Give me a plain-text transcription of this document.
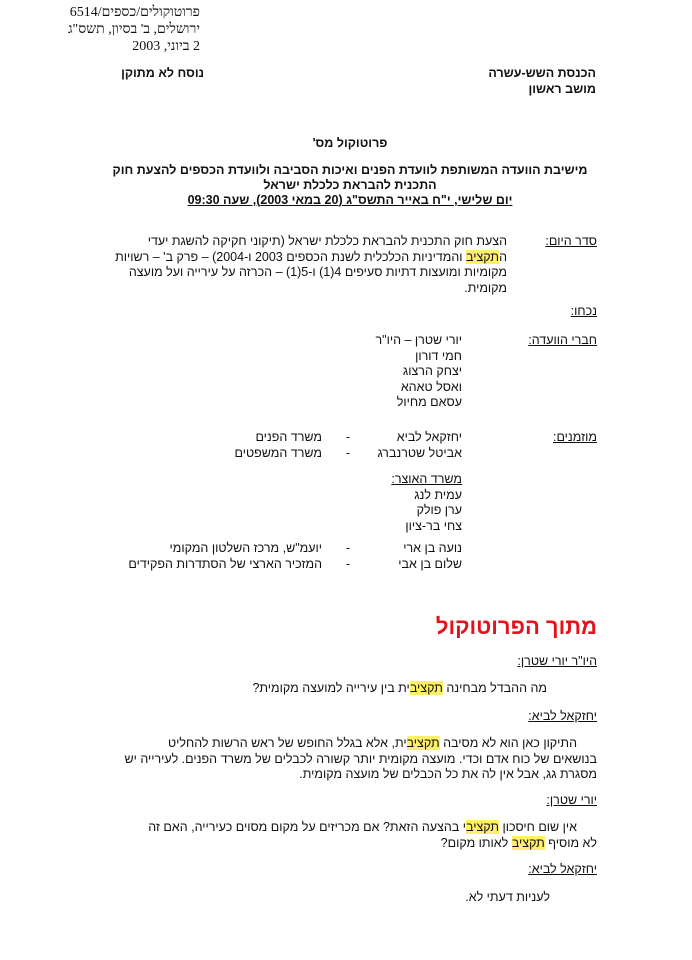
פרוטוקולים/כספים/6514
ירושלים, ב' בסיון, תשס"ג
2 ביוני, 2003
הכנסת השש-עשרה
מושב ראשון
נוסח לא מתוקן
פרוטוקול מס'
מישיבת הוועדה המשותפת לוועדת הפנים ואיכות הסביבה ולוועדת הכספים להצעת חוק
התכנית להבראת כלכלת ישראל
יום שלישי, י"ח באייר התשס"ג (20 במאי 2003), שעה 09:30
סדר היום:
הצעת חוק התכנית להבראת כלכלת ישראל (תיקוני חקיקה להשגת יעדי
התקציב והמדיניות הכלכלית לשנת הכספים 2003 ו-2004) – פרק ב' – רשויות
מקומיות ומועצות דתיות סעיפים 4(1) ו-5(1) – הכרזה על עירייה ועל מועצה
מקומית.
נכחו:
חברי הוועדה:
יורי שטרן – היו"ר
חמי דורון
יצחק הרצוג
ואסל טאהא
עסאם מחיול
מוזמנים:
יחזקאל לביא
-
משרד הפנים
אביטל שטרנברג
-
משרד המשפטים
משרד האוצר:
עמית לנג
ערן פולק
צחי בר-ציון
נועה בן ארי
-
יועמ"ש, מרכז השלטון המקומי
שלום בן אבי
-
המזכיר הארצי של הסתדרות הפקידים
מתוך הפרוטוקול
היו"ר יורי שטרן:
מה ההבדל מבחינה תקציבית בין עירייה למועצה מקומית?
יחזקאל לביא:
התיקון כאן הוא לא מסיבה תקציבית, אלא בגלל החופש של ראש הרשות להחליט
בנושאים של כוח אדם וכדי. מועצה מקומית יותר קשורה לכבלים של משרד הפנים. לעירייה יש
מסגרת גג, אבל אין לה את כל הכבלים של מועצה מקומית.
יורי שטרן:
אין שום חיסכון תקציבי בהצעה הזאת? אם מכריזים על מקום מסוים כעירייה, האם זה
לא מוסיף תקציב לאותו מקום?
יחזקאל לביא:
לעניות דעתי לא.
